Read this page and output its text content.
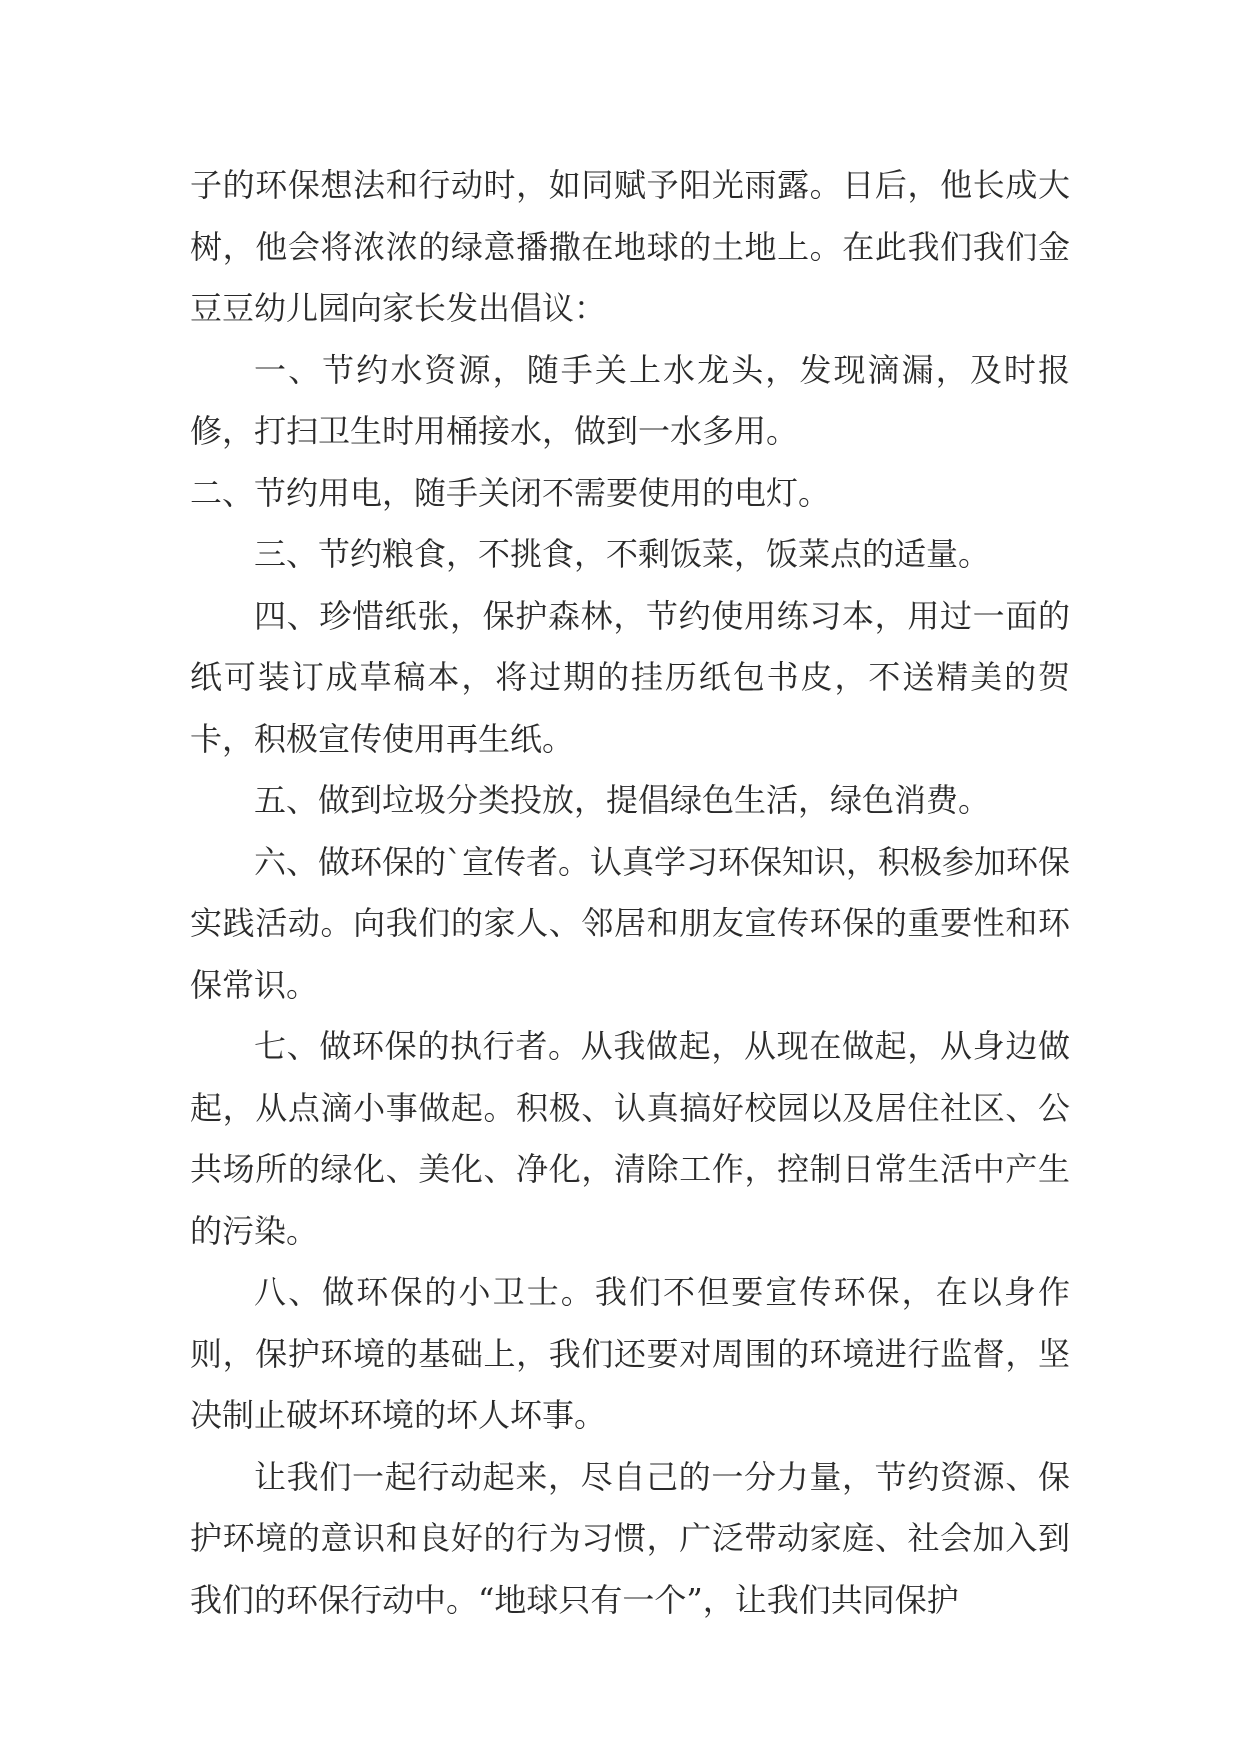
子的环保想法和行动时，如同赋予阳光雨露。日后，他长成大树，他会将浓浓的绿意播撒在地球的土地上。在此我们我们金豆豆幼儿园向家长发出倡议：

一、节约水资源，随手关上水龙头，发现滴漏，及时报修，打扫卫生时用桶接水，做到一水多用。

二、节约用电，随手关闭不需要使用的电灯。

三、节约粮食，不挑食，不剩饭菜，饭菜点的适量。

四、珍惜纸张，保护森林，节约使用练习本，用过一面的纸可装订成草稿本，将过期的挂历纸包书皮，不送精美的贺卡，积极宣传使用再生纸。

五、做到垃圾分类投放，提倡绿色生活，绿色消费。

六、做环保的`宣传者。认真学习环保知识，积极参加环保实践活动。向我们的家人、邻居和朋友宣传环保的重要性和环保常识。

七、做环保的执行者。从我做起，从现在做起，从身边做起，从点滴小事做起。积极、认真搞好校园以及居住社区、公共场所的绿化、美化、净化，清除工作，控制日常生活中产生的污染。

八、做环保的小卫士。我们不但要宣传环保，在以身作则，保护环境的基础上，我们还要对周围的环境进行监督，坚决制止破坏环境的坏人坏事。

让我们一起行动起来，尽自己的一分力量，节约资源、保护环境的意识和良好的行为习惯，广泛带动家庭、社会加入到我们的环保行动中。“地球只有一个”，让我们共同保护
